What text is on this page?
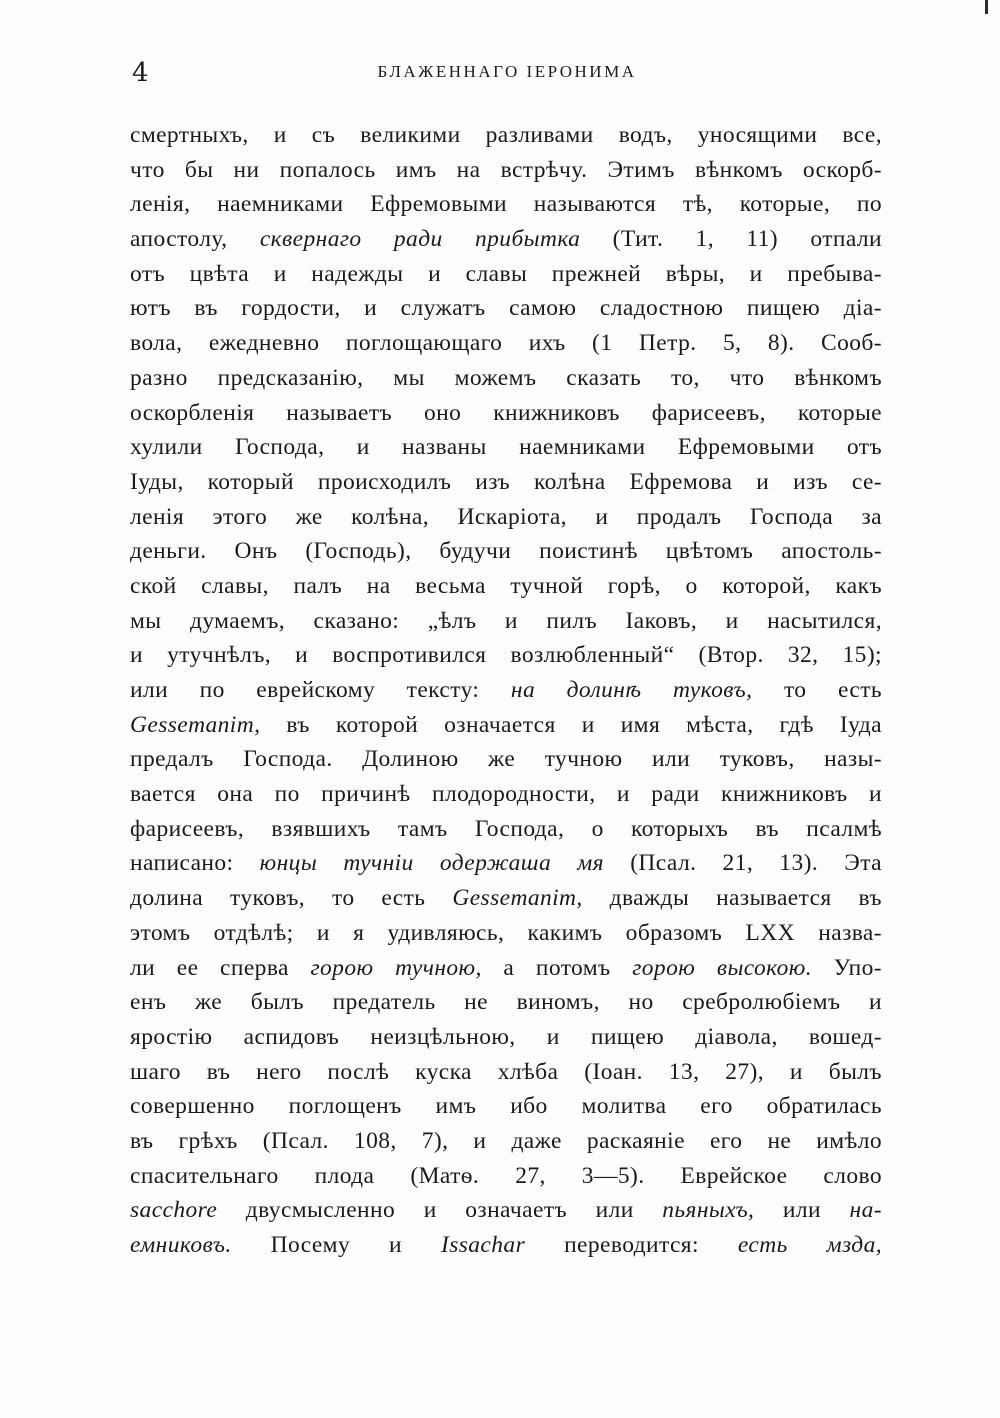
4	БЛАЖЕННАГО ІЕРОНИМА
смертныхъ, и съ великими разливами водъ, уносящими все,
что бы ни попалось имъ на встрѣчу. Этимъ вѣнкомъ оскорб-
ленія, наемниками Ефремовыми называются тѣ, которые, по
апостолу, сквернаго ради прибытка (Тит. 1, 11) отпали
отъ цвѣта и надежды и славы прежней вѣры, и пребыва-
ютъ въ гордости, и служатъ самою сладостною пищею діа-
вола, ежедневно поглощающаго ихъ (1 Петр. 5, 8). Сооб-
разно предсказанію, мы можемъ сказать то, что вѣнкомъ
оскорбленія называетъ оно книжниковъ фарисеевъ, которые
хулили Господа, и названы наемниками Ефремовыми отъ
Іуды, который происходилъ изъ колѣна Ефремова и изъ се-
ленія этого же колѣна, Искаріота, и продалъ Господа за
деньги. Онъ (Господь), будучи поистинѣ цвѣтомъ апостоль-
ской славы, палъ на весьма тучной горѣ, о которой, какъ
мы думаемъ, сказано: „ѣлъ и пилъ Іаковъ, и насытился,
и утучнѣлъ, и воспротивился возлюбленный“ (Втор. 32, 15);
или по еврейскому тексту: на долинѣ туковъ, то есть
Gessemanim, въ которой означается и имя мѣста, гдѣ Іуда
предалъ Господа. Долиною же тучною или туковъ, назы-
вается она по причинѣ плодородности, и ради книжниковъ и
фарисеевъ, взявшихъ тамъ Господа, о которыхъ въ псалмѣ
написано: юнцы тучніи одержаша мя (Псал. 21, 13). Эта
долина туковъ, то есть Gessemanim, дважды называется въ
этомъ отдѣлѣ; и я удивляюсь, какимъ образомъ LXX назва-
ли ее сперва горою тучною, а потомъ горою высокою. Упо-
енъ же былъ предатель не виномъ, но сребролюбіемъ и
яростію аспидовъ неизцѣльною, и пищею діавола, вошед-
шаго въ него послѣ куска хлѣба (Іоан. 13, 27), и былъ
совершенно поглощенъ имъ ибо молитва его обратилась
въ грѣхъ (Псал. 108, 7), и даже раскаяніе его не имѣло
спасительнаго плода (Матѳ. 27, 3—5). Еврейское слово
sacchore двусмысленно и означаетъ или пьяныхъ, или на-
емниковъ. Посему и Issachar переводится: есть мзда,
